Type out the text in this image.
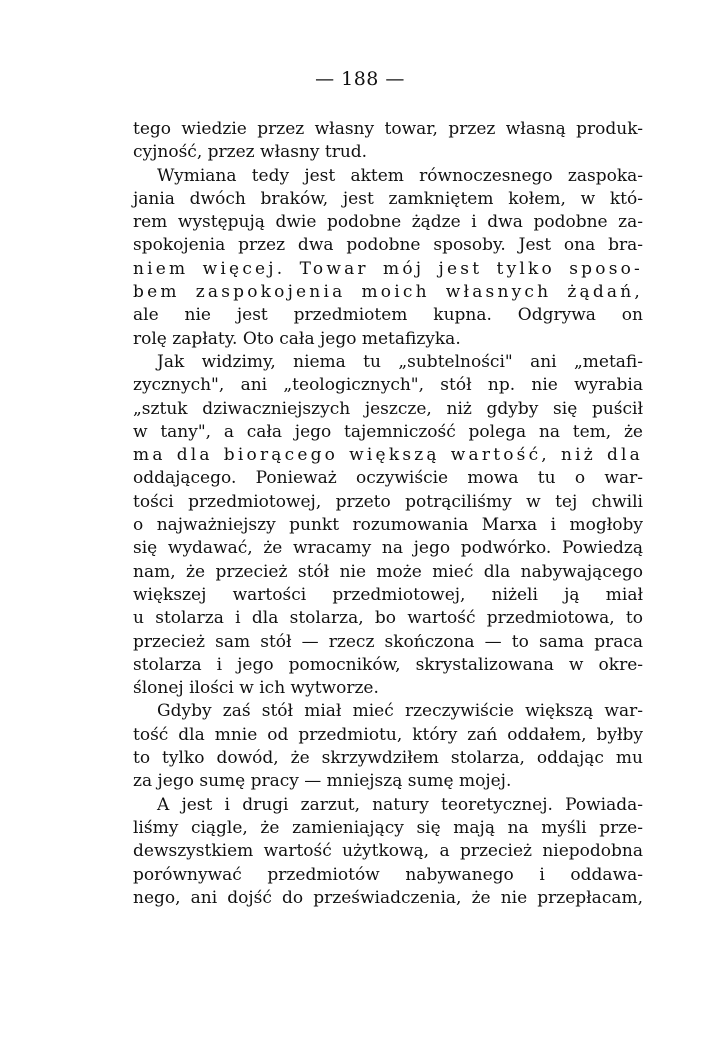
— 188 —
tego wiedzie przez własny towar, przez własną produk-
cyjność, przez własny trud.
Wymiana tedy jest aktem równoczesnego zaspoka-
jania dwóch braków, jest zamkniętem kołem, w któ-
rem występują dwie podobne żądze i dwa podobne za-
spokojenia przez dwa podobne sposoby. Jest ona bra-
niem więcej. Towar mój jest tylko sposo-
bem zaspokojenia moich własnych żądań,
ale nie jest przedmiotem kupna. Odgrywa on
rolę zapłaty. Oto cała jego metafizyka.
Jak widzimy, niema tu „subtelności" ani „metafi-
zycznych", ani „teologicznych", stół np. nie wyrabia
„sztuk dziwaczniejszych jeszcze, niż gdyby się puścił
w tany", a cała jego tajemniczość polega na tem, że
ma dla biorącego większą wartość, niż dla
oddającego. Ponieważ oczywiście mowa tu o war-
tości przedmiotowej, przeto potrąciliśmy w tej chwili
o najważniejszy punkt rozumowania Marxa i mogłoby
się wydawać, że wracamy na jego podwórko. Powiedzą
nam, że przecież stół nie może mieć dla nabywającego
większej wartości przedmiotowej, niżeli ją miał
u stolarza i dla stolarza, bo wartość przedmiotowa, to
przecież sam stół — rzecz skończona — to sama praca
stolarza i jego pomocników, skrystalizowana w okre-
ślonej ilości w ich wytworze.
Gdyby zaś stół miał mieć rzeczywiście większą war-
tość dla mnie od przedmiotu, który zań oddałem, byłby
to tylko dowód, że skrzywdziłem stolarza, oddając mu
za jego sumę pracy — mniejszą sumę mojej.
A jest i drugi zarzut, natury teoretycznej. Powiada-
liśmy ciągle, że zamieniający się mają na myśli prze-
dewszystkiem wartość użytkową, a przecież niepodobna
porównywać przedmiotów nabywanego i oddawa-
nego, ani dojść do przeświadczenia, że nie przepłacam,
